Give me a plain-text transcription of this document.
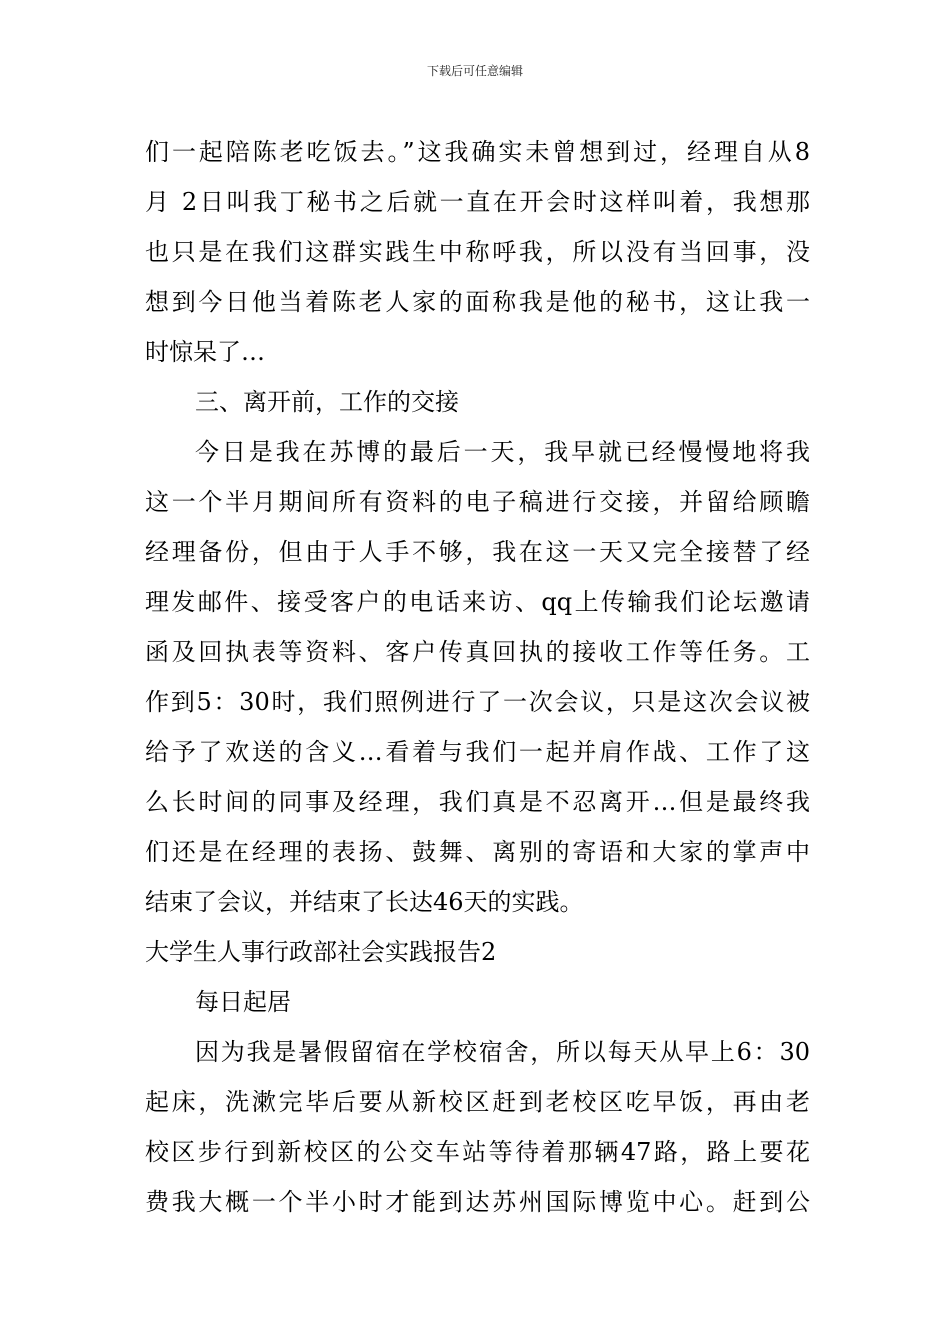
下载后可任意编辑
们一起陪陈老吃饭去。”这我确实未曾想到过，经理自从8
月 2日叫我丁秘书之后就一直在开会时这样叫着，我想那
也只是在我们这群实践生中称呼我，所以没有当回事，没
想到今日他当着陈老人家的面称我是他的秘书，这让我一
时惊呆了…
三、离开前，工作的交接
今日是我在苏博的最后一天，我早就已经慢慢地将我
这一个半月期间所有资料的电子稿进行交接，并留给顾瞻
经理备份，但由于人手不够，我在这一天又完全接替了经
理发邮件、接受客户的电话来访、qq上传输我们论坛邀请
函及回执表等资料、客户传真回执的接收工作等任务。工
作到5：30时，我们照例进行了一次会议，只是这次会议被
给予了欢送的含义…看着与我们一起并肩作战、工作了这
么长时间的同事及经理，我们真是不忍离开…但是最终我
们还是在经理的表扬、鼓舞、离别的寄语和大家的掌声中
结束了会议，并结束了长达46天的实践。
大学生人事行政部社会实践报告2
每日起居
因为我是暑假留宿在学校宿舍，所以每天从早上6：30
起床，洗漱完毕后要从新校区赶到老校区吃早饭，再由老
校区步行到新校区的公交车站等待着那辆47路，路上要花
费我大概一个半小时才能到达苏州国际博览中心。赶到公
